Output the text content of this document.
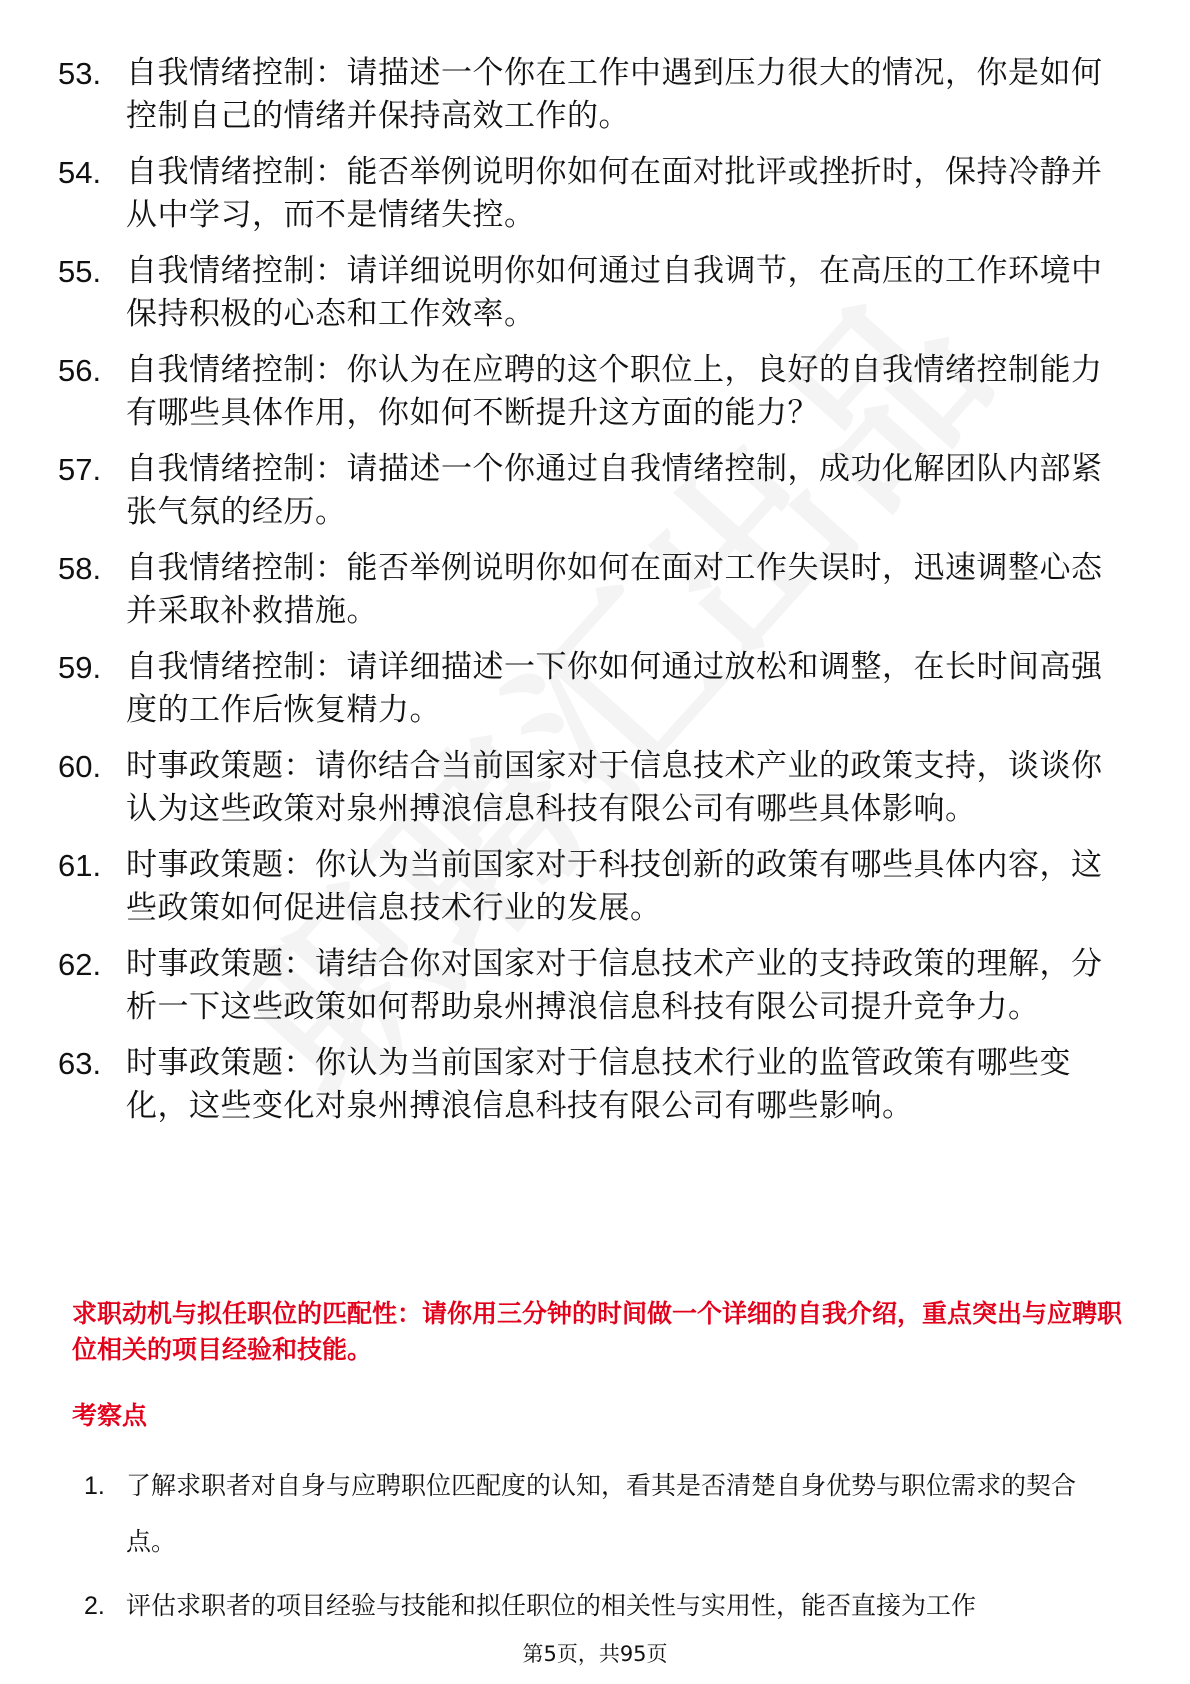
53. 自我情绪控制：请描述一个你在工作中遇到压力很大的情况，你是如何控制自己的情绪并保持高效工作的。
54. 自我情绪控制：能否举例说明你如何在面对批评或挫折时，保持冷静并从中学习，而不是情绪失控。
55. 自我情绪控制：请详细说明你如何通过自我调节，在高压的工作环境中保持积极的心态和工作效率。
56. 自我情绪控制：你认为在应聘的这个职位上，良好的自我情绪控制能力有哪些具体作用，你如何不断提升这方面的能力？
57. 自我情绪控制：请描述一个你通过自我情绪控制，成功化解团队内部紧张气氛的经历。
58. 自我情绪控制：能否举例说明你如何在面对工作失误时，迅速调整心态并采取补救措施。
59. 自我情绪控制：请详细描述一下你如何通过放松和调整，在长时间高强度的工作后恢复精力。
60. 时事政策题：请你结合当前国家对于信息技术产业的政策支持，谈谈你认为这些政策对泉州搏浪信息科技有限公司有哪些具体影响。
61. 时事政策题：你认为当前国家对于科技创新的政策有哪些具体内容，这些政策如何促进信息技术行业的发展。
62. 时事政策题：请结合你对国家对于信息技术产业的支持政策的理解，分析一下这些政策如何帮助泉州搏浪信息科技有限公司提升竞争力。
63. 时事政策题：你认为当前国家对于信息技术行业的监管政策有哪些变化，这些变化对泉州搏浪信息科技有限公司有哪些影响。
求职动机与拟任职位的匹配性：请你用三分钟的时间做一个详细的自我介绍，重点突出与应聘职位相关的项目经验和技能。
考察点
1. 了解求职者对自身与应聘职位匹配度的认知，看其是否清楚自身优势与职位需求的契合点。
2. 评估求职者的项目经验与技能和拟任职位的相关性与实用性，能否直接为工作
第5页，共95页
